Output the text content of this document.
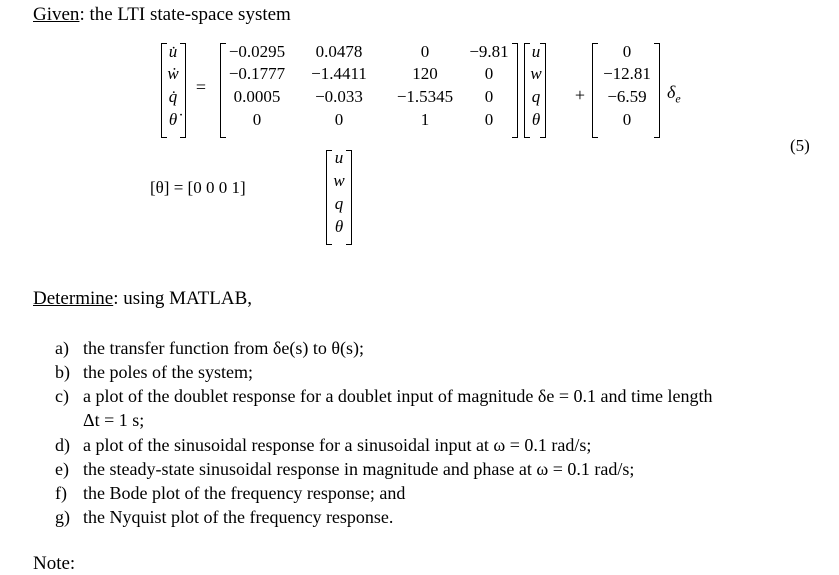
Given: the LTI state-space system
u̇
ẇ
q̇
θ̇
=
−0.0295	0.0478	0	−9.81
−0.1777	−1.4411	120	0
0.0005	−0.033	−1.5345	0
0	0	1	0
u
w
q
θ
+
0
−12.81
−6.59
0
$\delta_e$
(5)
[θ] = [0 0 0 1]
u
w
q
θ
Determine: using MATLAB,
a) the transfer function from δe(s) to θ(s);
b) the poles of the system;
c) a plot of the doublet response for a doublet input of magnitude δe = 0.1 and time length
Δt = 1 s;
d) a plot of the sinusoidal response for a sinusoidal input at ω = 0.1 rad/s;
e) the steady-state sinusoidal response in magnitude and phase at ω = 0.1 rad/s;
f) the Bode plot of the frequency response; and
g) the Nyquist plot of the frequency response.
Note:
